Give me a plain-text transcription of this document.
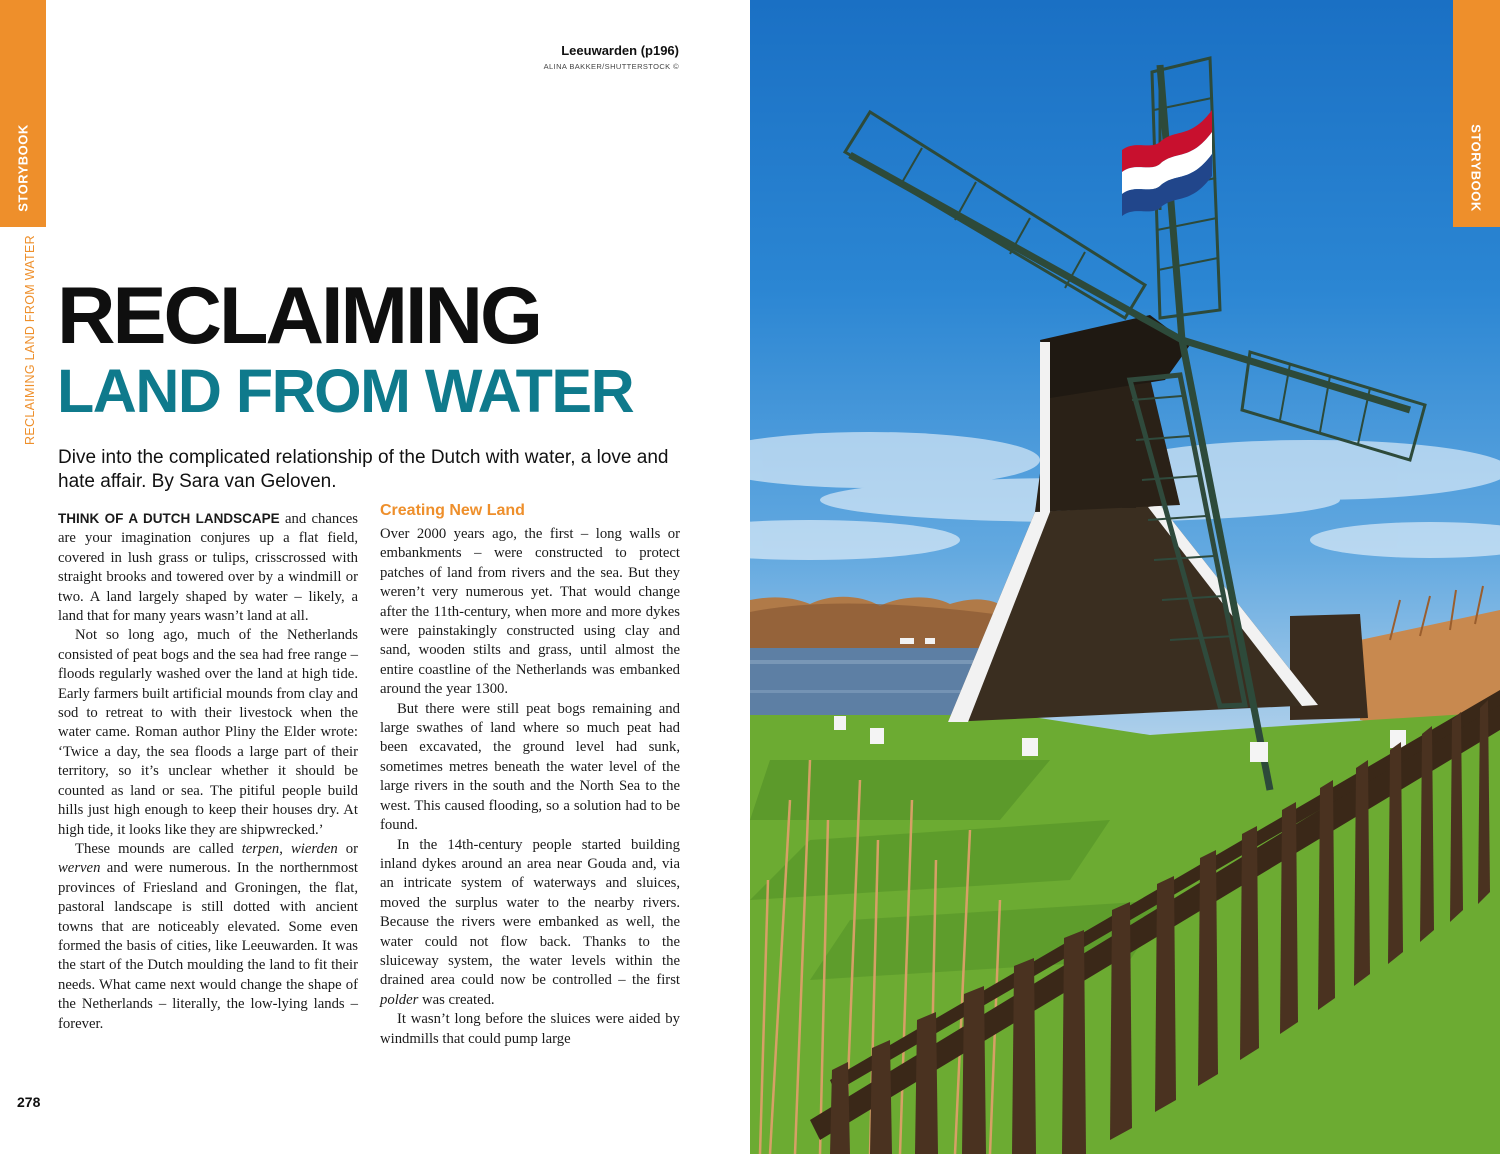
STORYBOOK
RECLAIMING LAND FROM WATER
Leeuwarden (p196)
ALINA BAKKER/SHUTTERSTOCK ©
RECLAIMING
LAND FROM WATER
Dive into the complicated relationship of the Dutch with water, a love and hate affair. By Sara van Geloven.

THINK OF A DUTCH LANDSCAPE and chances are your imagination conjures up a flat field, covered in lush grass or tulips, crisscrossed with straight brooks and towered over by a windmill or two. A land largely shaped by water – likely, a land that for many years wasn’t land at all.

Not so long ago, much of the Netherlands consisted of peat bogs and the sea had free range – floods regularly washed over the land at high tide. Early farmers built artificial mounds from clay and sod to retreat to with their livestock when the water came. Roman author Pliny the Elder wrote: ‘Twice a day, the sea floods a large part of their territory, so it’s unclear whether it should be counted as land or sea. The pitiful people build hills just high enough to keep their houses dry. At high tide, it looks like they are shipwrecked.’

These mounds are called terpen, wierden or werven and were numerous. In the northernmost provinces of Friesland and Groningen, the flat, pastoral landscape is still dotted with ancient towns that are noticeably elevated. Some even formed the basis of cities, like Leeuwarden. It was the start of the Dutch moulding the land to fit their needs. What came next would change the shape of the Netherlands – literally, the low-lying lands – forever.

Creating New Land

Over 2000 years ago, the first – long walls or embankments – were constructed to protect patches of land from rivers and the sea. But they weren’t very numerous yet. That would change after the 11th-century, when more and more dykes were painstakingly constructed using clay and sand, wooden stilts and grass, until almost the entire coastline of the Netherlands was embanked around the year 1300.

But there were still peat bogs remaining and large swathes of land where so much peat had been excavated, the ground level had sunk, sometimes metres beneath the water level of the large rivers in the south and the North Sea to the west. This caused flooding, so a solution had to be found.

In the 14th-century people started building inland dykes around an area near Gouda and, via an intricate system of waterways and sluices, moved the surplus water to the nearby rivers. Because the rivers were embanked as well, the water could not flow back. Thanks to the sluiceway system, the water levels within the drained area could now be controlled – the first polder was created.

It wasn’t long before the sluices were aided by windmills that could pump large

278
STORYBOOK
